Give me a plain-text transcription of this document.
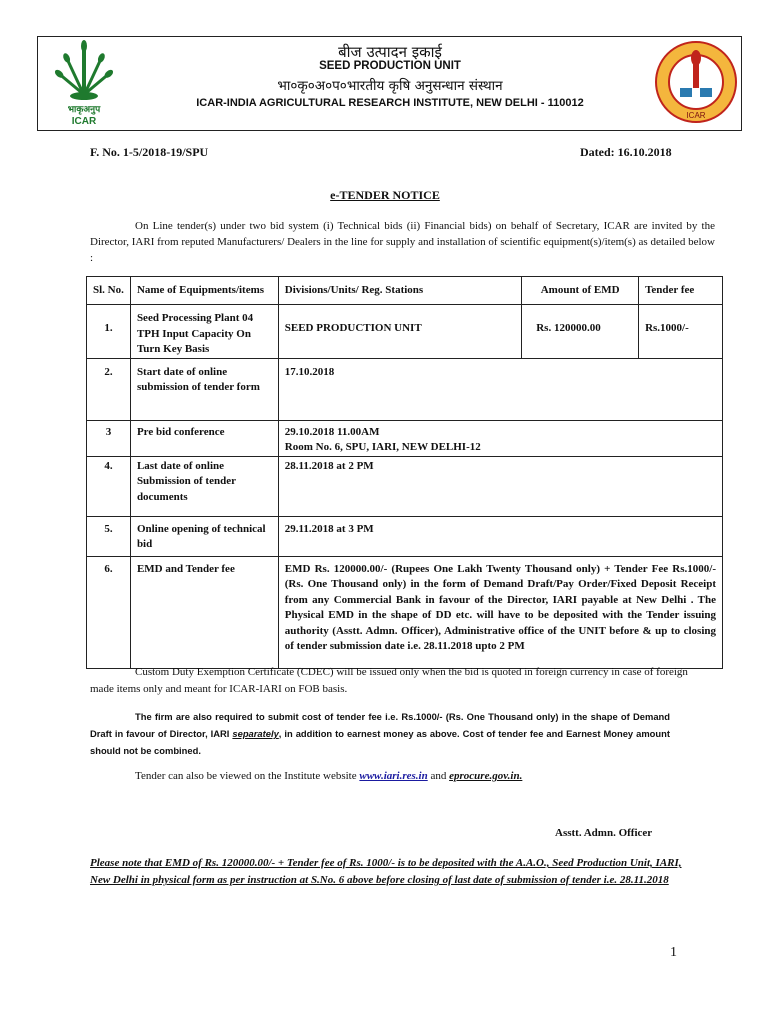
भाकृअनुप
ICAR
ICAR
बीज उत्पादन इकाई
SEED PRODUCTION UNIT
भा०कृ०अ०प०भारतीय कृषि अनुसन्धान संस्थान
ICAR-INDIA AGRICULTURAL RESEARCH INSTITUTE, NEW DELHI - 110012
F. No. 1-5/2018-19/SPU	Dated: 16.10.2018
e-TENDER NOTICE
On Line tender(s) under two bid system (i) Technical bids (ii) Financial bids) on behalf of Secretary, ICAR are invited by the Director, IARI from reputed Manufacturers/ Dealers in the line for supply and installation of scientific equipment(s)/item(s) as detailed below :
Sl. No.	Name of Equipments/items	Divisions/Units/ Reg. Stations	Amount of EMD	Tender fee
1.	Seed Processing Plant 04 TPH Input Capacity On Turn Key Basis	SEED PRODUCTION UNIT	Rs. 120000.00	Rs.1000/-
2.	Start date of online submission of tender form	17.10.2018		
3	Pre bid conference	29.10.2018 11.00AM
Room No. 6, SPU, IARI, NEW DELHI-12		

4.	Last date of online Submission of tender documents	28.11.2018 at 2 PM		
5.	Online opening of technical bid	29.11.2018 at 3 PM		
6.	EMD and Tender fee	EMD Rs. 120000.00/- (Rupees One Lakh Twenty Thousand only) + Tender Fee Rs.1000/- (Rs. One Thousand only) in the form of Demand Draft/Pay Order/Fixed Deposit Receipt from any Commercial Bank in favour of the Director, IARI payable at New Delhi . The Physical EMD in the shape of DD etc. will have to be deposited with the Tender issuing authority (Asstt. Admn. Officer), Administrative office of the UNIT before & up to closing of tender submission date i.e. 28.11.2018 upto 2 PM		
Custom Duty Exemption Certificate (CDEC) will be issued only when the bid is quoted in foreign currency in case of foreign made items only and meant for ICAR-IARI on FOB basis.
The firm are also required to submit cost of tender fee i.e. Rs.1000/- (Rs. One Thousand only) in the shape of Demand Draft in favour of Director, IARI separately, in addition to earnest money as above. Cost of tender fee and Earnest Money amount should not be combined.
Tender can also be viewed on the Institute website www.iari.res.in and eprocure.gov.in.
Asstt. Admn. Officer
Please note that EMD of Rs. 120000.00/- + Tender fee of Rs. 1000/- is to be deposited with the A.A.O., Seed Production Unit, IARI, New Delhi in physical form as per instruction at S.No. 6 above before closing of last date of submission of tender i.e. 28.11.2018
1
